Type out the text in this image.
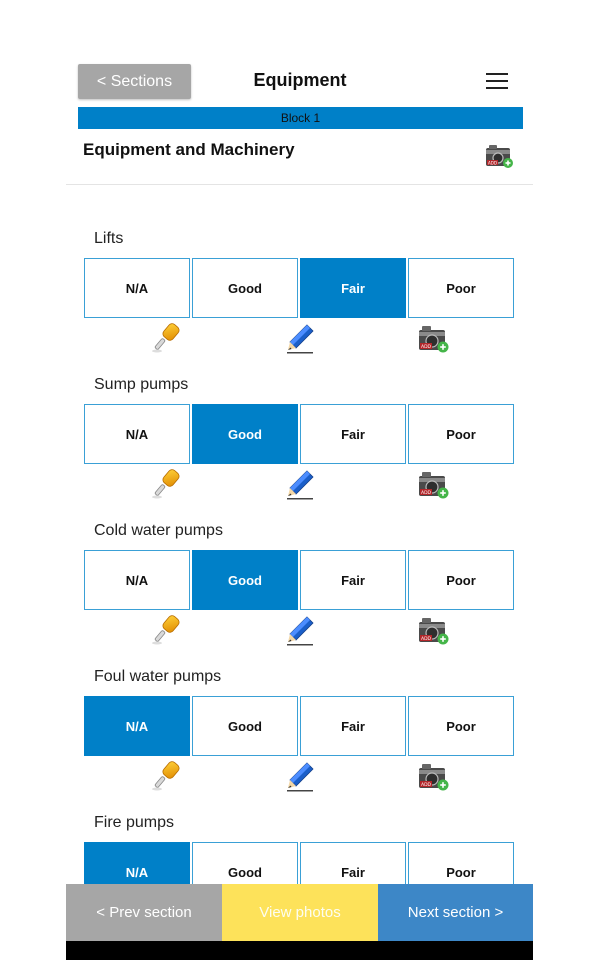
< Sections	Equipment
Block 1
Equipment and Machinery
ADD
Lifts
N/A	Good	Fair	Poor
ADD
Sump pumps
N/A	Good	Fair	Poor
ADD
Cold water pumps
N/A	Good	Fair	Poor
ADD
Foul water pumps
N/A	Good	Fair	Poor
ADD
Fire pumps
N/A	Good	Fair	Poor
< Prev section	View photos	Next section >
